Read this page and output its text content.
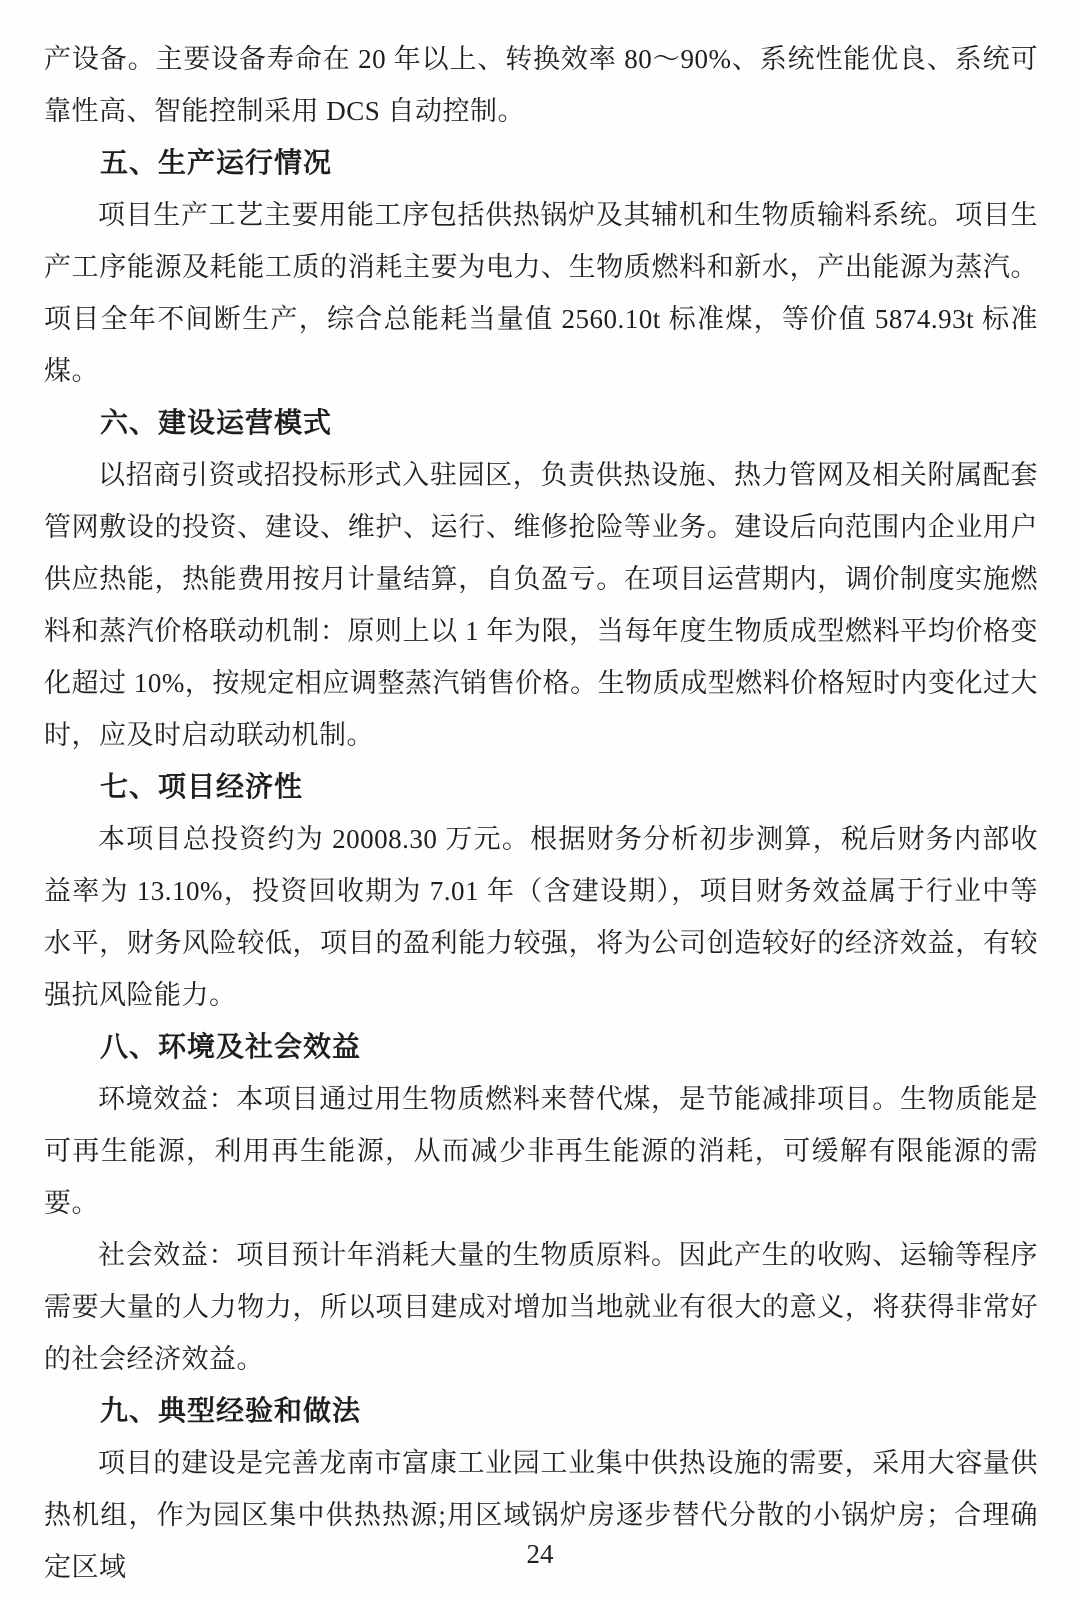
产设备。主要设备寿命在 20 年以上、转换效率 80～90%、系统性能优良、系统可靠性高、智能控制采用 DCS 自动控制。

五、生产运行情况

项目生产工艺主要用能工序包括供热锅炉及其辅机和生物质输料系统。项目生产工序能源及耗能工质的消耗主要为电力、生物质燃料和新水，产出能源为蒸汽。项目全年不间断生产，综合总能耗当量值 2560.10t 标准煤，等价值 5874.93t 标准煤。

六、建设运营模式

以招商引资或招投标形式入驻园区，负责供热设施、热力管网及相关附属配套管网敷设的投资、建设、维护、运行、维修抢险等业务。建设后向范围内企业用户供应热能，热能费用按月计量结算，自负盈亏。在项目运营期内，调价制度实施燃料和蒸汽价格联动机制：原则上以 1 年为限，当每年度生物质成型燃料平均价格变化超过 10%，按规定相应调整蒸汽销售价格。生物质成型燃料价格短时内变化过大时，应及时启动联动机制。

七、项目经济性

本项目总投资约为 20008.30 万元。根据财务分析初步测算，税后财务内部收益率为 13.10%，投资回收期为 7.01 年（含建设期），项目财务效益属于行业中等水平，财务风险较低，项目的盈利能力较强，将为公司创造较好的经济效益，有较强抗风险能力。

八、环境及社会效益

环境效益：本项目通过用生物质燃料来替代煤，是节能减排项目。生物质能是可再生能源，利用再生能源，从而减少非再生能源的消耗，可缓解有限能源的需要。

社会效益：项目预计年消耗大量的生物质原料。因此产生的收购、运输等程序需要大量的人力物力，所以项目建成对增加当地就业有很大的意义，将获得非常好的社会经济效益。

九、典型经验和做法

项目的建设是完善龙南市富康工业园工业集中供热设施的需要，采用大容量供热机组，作为园区集中供热热源;用区域锅炉房逐步替代分散的小锅炉房；合理确定区域	24
